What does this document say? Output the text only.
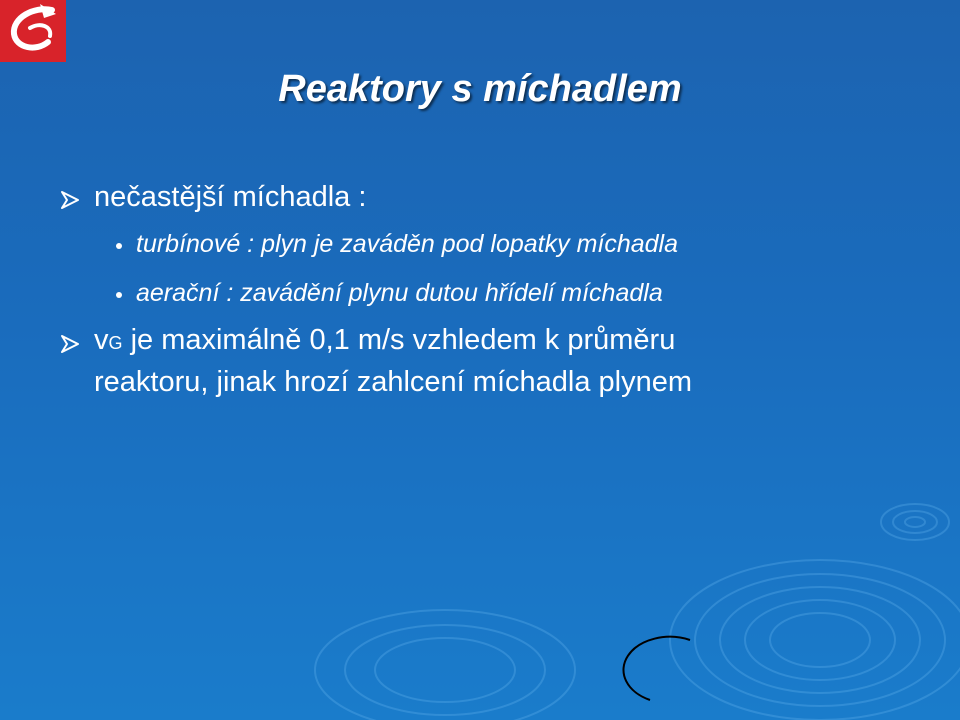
Reaktory s míchadlem
nečastější míchadla :
turbínové : plyn je zaváděn pod lopatky míchadla
aerační : zavádění plynu dutou hřídelí míchadla
vG je maximálně 0,1 m/s vzhledem k průměru
reaktoru, jinak hrozí zahlcení míchadla plynem
